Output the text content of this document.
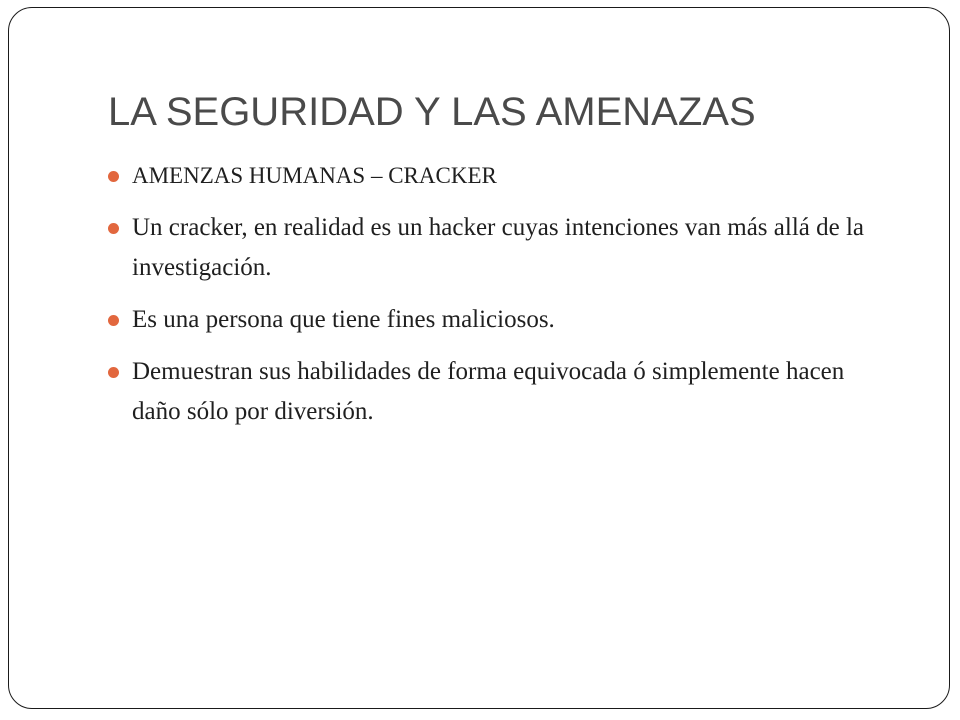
LA SEGURIDAD Y LAS AMENAZAS
AMENZAS HUMANAS – CRACKER
Un cracker, en realidad es un hacker cuyas intenciones van más allá de la investigación.
Es una persona que tiene fines maliciosos.
Demuestran sus habilidades de forma equivocada ó simplemente hacen daño sólo por diversión.
